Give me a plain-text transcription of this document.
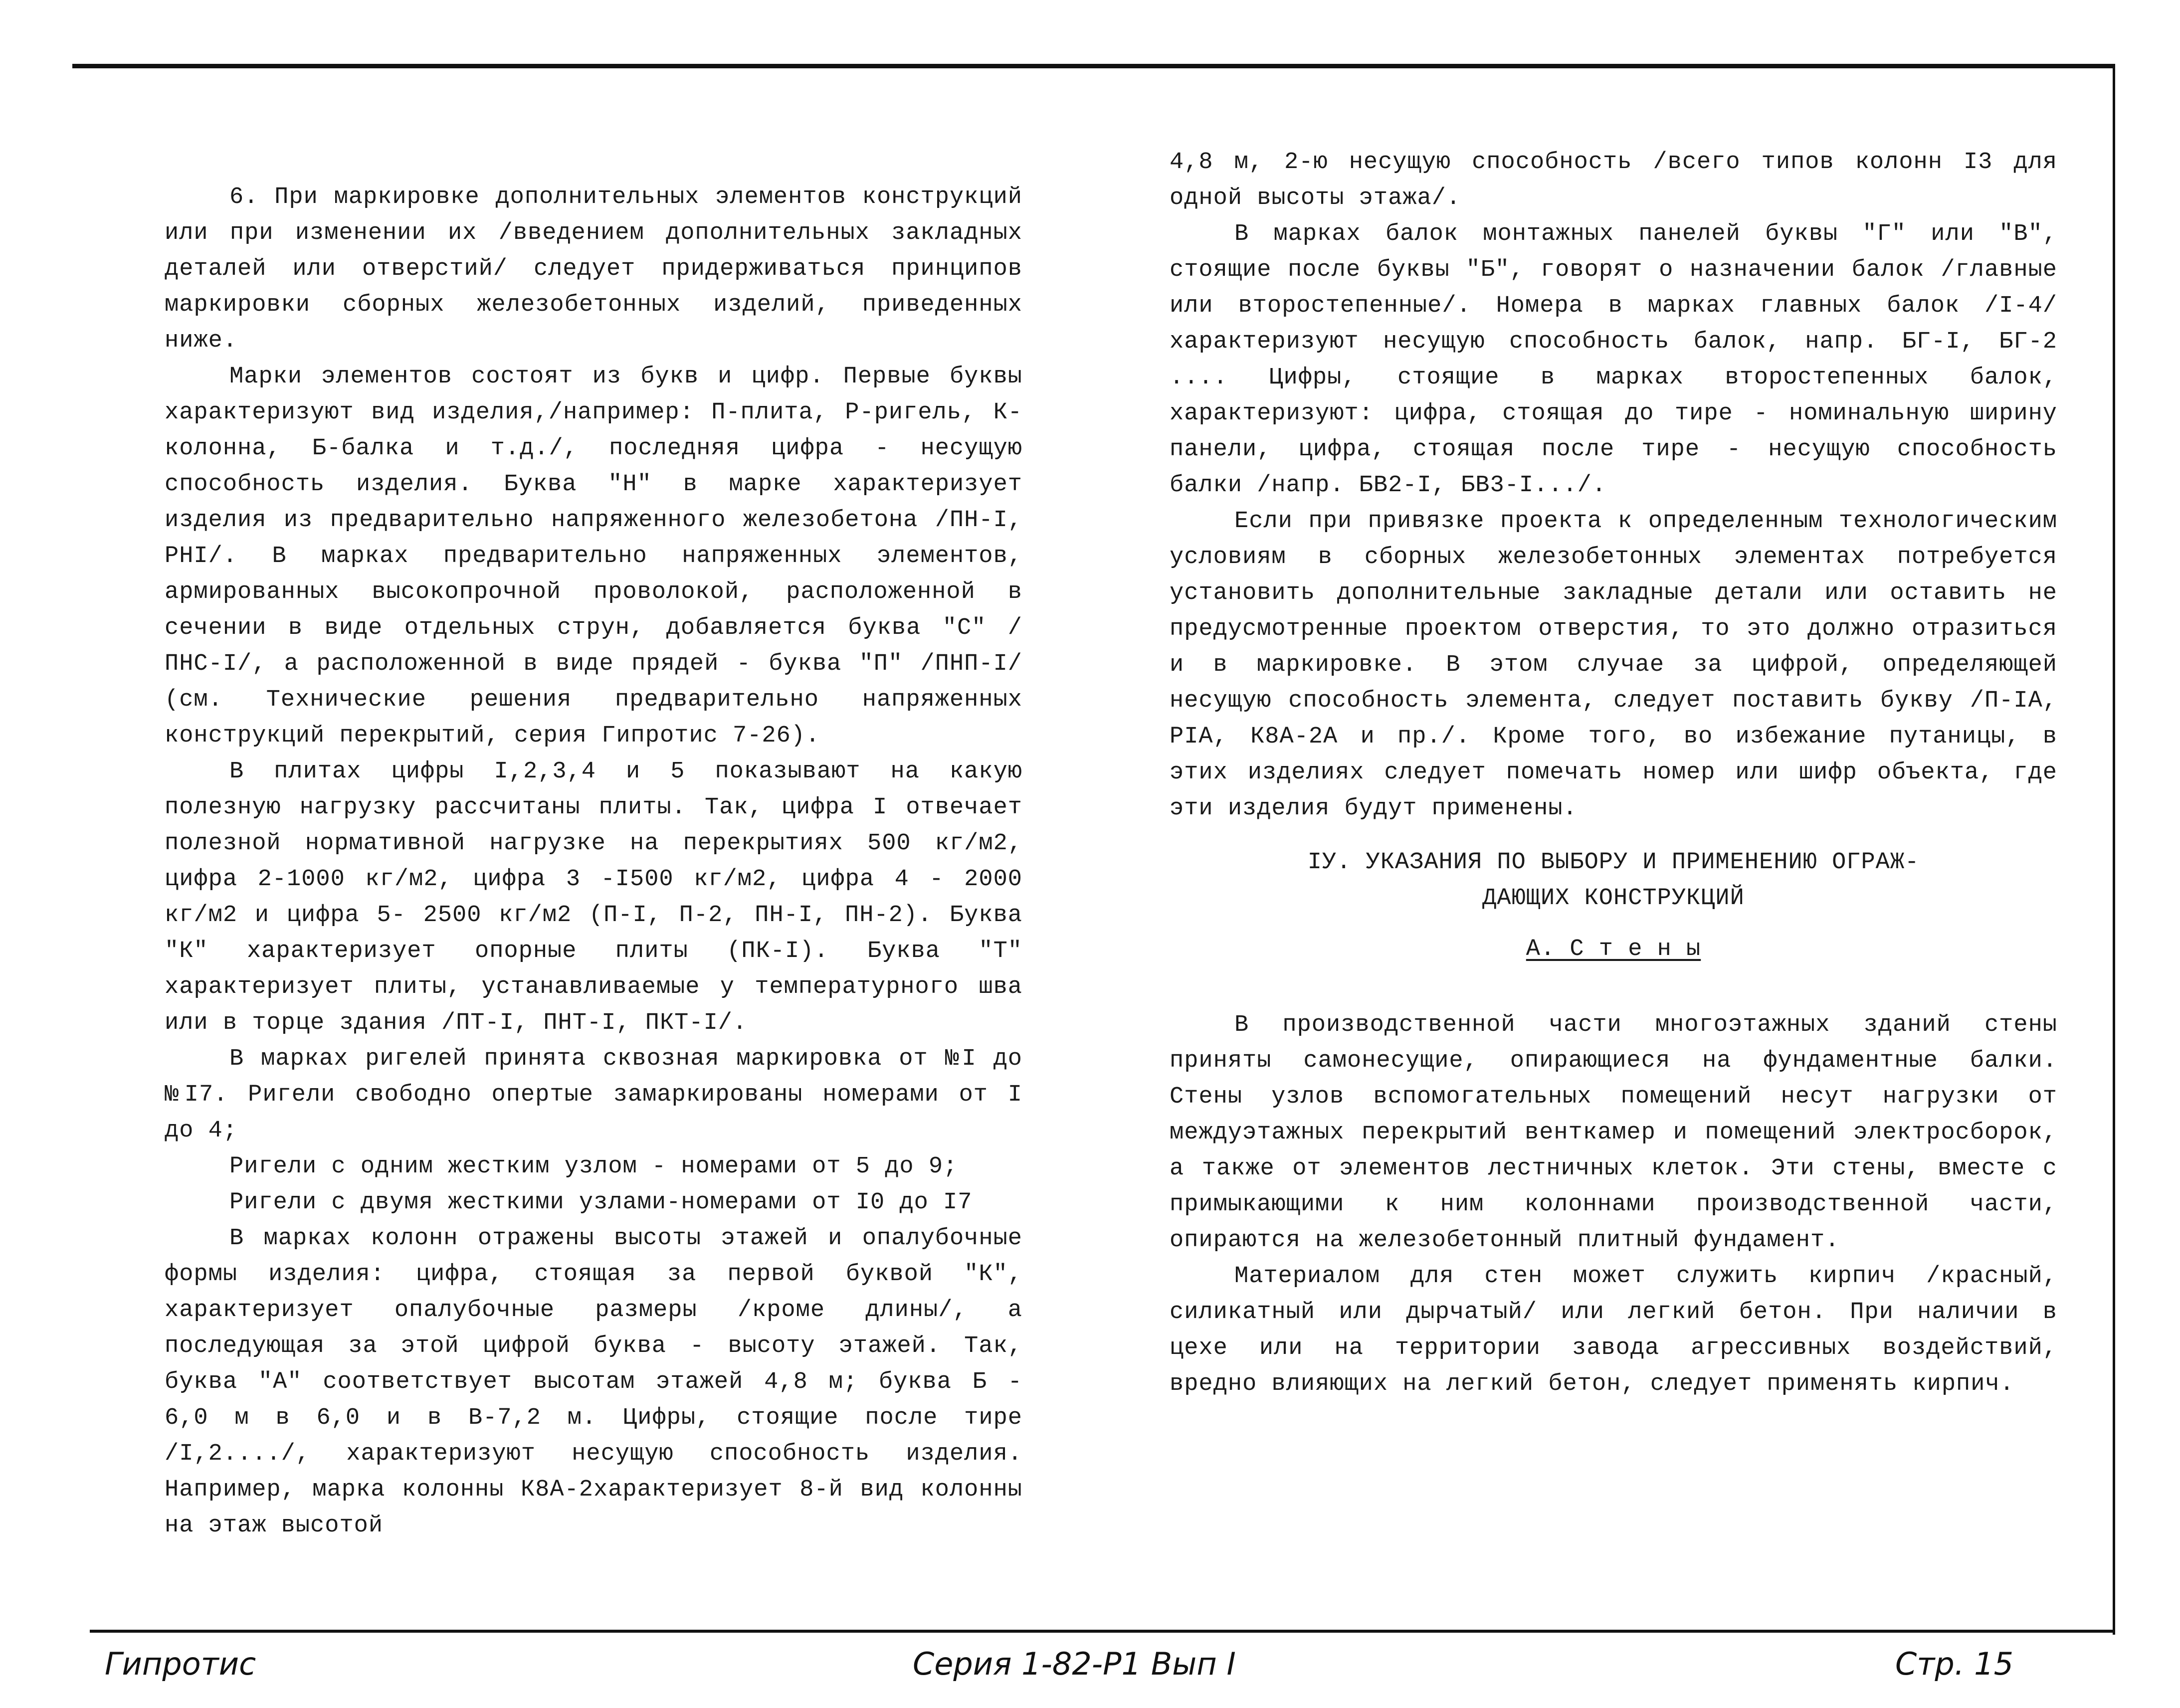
6. При маркировке дополнительных элементов конструкций или при изменении их /введением дополнительных закладных деталей или отверстий/ следует придерживаться принципов маркировки сборных железобетонных изделий, приведенных ниже.

Марки элементов состоят из букв и цифр. Первые буквы характеризуют вид изделия,/например: П-плита, Р-ригель, К-колонна, Б-балка и т.д./, последняя цифра - несущую способность изделия. Буква "Н" в марке характеризует изделия из предварительно напряженного железобетона /ПН-I, РНI/. В марках предварительно напряженных элементов, армированных высокопрочной проволокой, расположенной в сечении в виде отдельных струн, добавляется буква "С" /ПНС-I/, а расположенной в виде прядей - буква "П" /ПНП-I/ (см. Технические решения предварительно напряженных конструкций перекрытий, серия Гипротис 7-26).

В плитах цифры I,2,3,4 и 5 показывают на какую полезную нагрузку рассчитаны плиты. Так, цифра I отвечает полезной нормативной нагрузке на перекрытиях 500 кг/м2, цифра 2-1000 кг/м2, цифра 3 -I500 кг/м2, цифра 4 - 2000 кг/м2 и цифра 5- 2500 кг/м2 (П-I, П-2, ПН-I, ПН-2). Буква "К" характеризует опорные плиты (ПК-I). Буква "Т" характеризует плиты, устанавливаемые у температурного шва или в торце здания /ПТ-I, ПНТ-I, ПКТ-I/.

В марках ригелей принята сквозная маркировка от №I до №I7. Ригели свободно опертые замаркированы номерами от I до 4;

Ригели с одним жестким узлом - номерами от 5 до 9;

Ригели с двумя жесткими узлами-номерами от I0 до I7

В марках колонн отражены высоты этажей и опалубочные формы изделия: цифра, стоящая за первой буквой "К", характеризует опалубочные размеры /кроме длины/, а последующая за этой цифрой буква - высоту этажей. Так, буква "А" соответствует высотам этажей 4,8 м; буква Б - 6,0 м в 6,0 и в В-7,2 м. Цифры, стоящие после тире /I,2..../, характеризуют несущую способность изделия. Например, марка колонны К8А-2характеризует 8-й вид колонны на этаж высотой

4,8 м, 2-ю несущую способность /всего типов колонн I3 для одной высоты этажа/.

В марках балок монтажных панелей буквы "Г" или "В", стоящие после буквы "Б", говорят о назначении балок /главные или второстепенные/. Номера в марках главных балок /I-4/ характеризуют несущую способность балок, напр. БГ-I, БГ-2 .... Цифры, стоящие в марках второстепенных балок, характеризуют: цифра, стоящая до тире - номинальную ширину панели, цифра, стоящая после тире - несущую способность балки /напр. БВ2-I, БВ3-I.../.

Если при привязке проекта к определенным технологическим условиям в сборных железобетонных элементах потребуется установить дополнительные закладные детали или оставить не предусмотренные проектом отверстия, то это должно отразиться и в маркировке. В этом случае за цифрой, определяющей несущую способность элемента, следует поставить букву /П-IА, РIА, К8А-2А и пр./. Кроме того, во избежание путаницы, в этих изделиях следует помечать номер или шифр объекта, где эти изделия будут применены.

IУ. УКАЗАНИЯ ПО ВЫБОРУ И ПРИМЕНЕНИЮ ОГРАЖ-

ДАЮЩИХ КОНСТРУКЦИЙ

А. С т е н ы

В производственной части многоэтажных зданий стены приняты самонесущие, опирающиеся на фундаментные балки. Стены узлов вспомогательных помещений несут нагрузки от междуэтажных перекрытий венткамер и помещений электросборок, а также от элементов лестничных клеток. Эти стены, вместе с примыкающими к ним колоннами производственной части, опираются на железобетонный плитный фундамент.

Материалом для стен может служить кирпич /красный, силикатный или дырчатый/ или легкий бетон. При наличии в цехе или на территории завода агрессивных воздействий, вредно влияющих на легкий бетон, следует применять кирпич.

Гипротис	Серия 1-82-Р1 Вып I	Стр. 15
